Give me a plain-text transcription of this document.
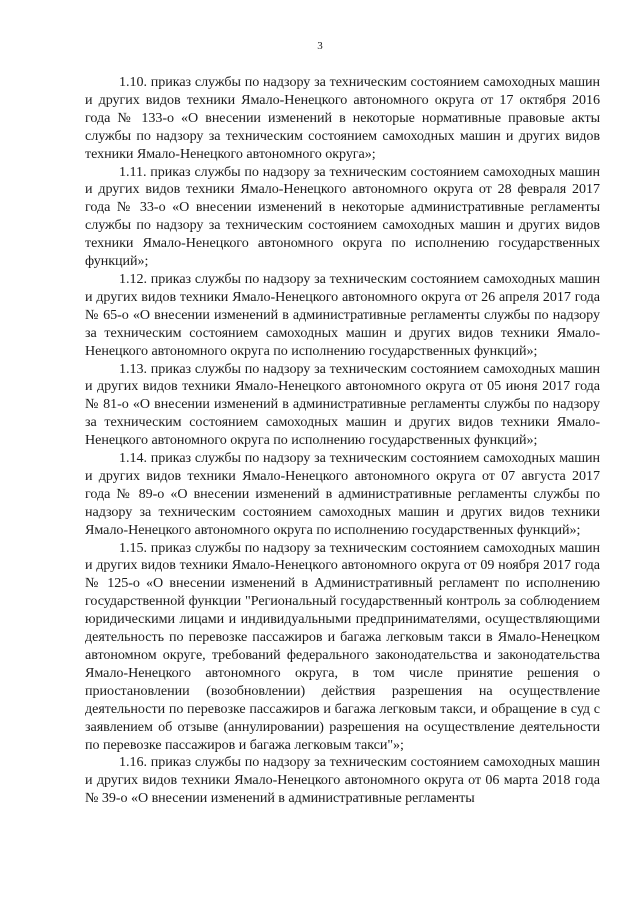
3

1.10. приказ службы по надзору за техническим состоянием самоходных машин и других видов техники Ямало-Ненецкого автономного округа от 17 октября 2016 года № 133-о «О внесении изменений в некоторые нормативные правовые акты службы по надзору за техническим состоянием самоходных машин и других видов техники Ямало-Ненецкого автономного округа»;

1.11. приказ службы по надзору за техническим состоянием самоходных машин и других видов техники Ямало-Ненецкого автономного округа от 28 февраля 2017 года № 33-о «О внесении изменений в некоторые административные регламенты службы по надзору за техническим состоянием самоходных машин и других видов техники Ямало-Ненецкого автономного округа по исполнению государственных функций»;

1.12. приказ службы по надзору за техническим состоянием самоходных машин и других видов техники Ямало-Ненецкого автономного округа от 26 апреля 2017 года № 65-о «О внесении изменений в административные регламенты службы по надзору за техническим состоянием самоходных машин и других видов техники Ямало-Ненецкого автономного округа по исполнению государственных функций»;

1.13. приказ службы по надзору за техническим состоянием самоходных машин и других видов техники Ямало-Ненецкого автономного округа от 05 июня 2017 года № 81-о «О внесении изменений в административные регламенты службы по надзору за техническим состоянием самоходных машин и других видов техники Ямало-Ненецкого автономного округа по исполнению государственных функций»;

1.14. приказ службы по надзору за техническим состоянием самоходных машин и других видов техники Ямало-Ненецкого автономного округа от 07 августа 2017 года № 89-о «О внесении изменений в административные регламенты службы по надзору за техническим состоянием самоходных машин и других видов техники Ямало-Ненецкого автономного округа по исполнению государственных функций»;

1.15. приказ службы по надзору за техническим состоянием самоходных машин и других видов техники Ямало-Ненецкого автономного округа от 09 ноября 2017 года № 125-о «О внесении изменений в Административный регламент по исполнению государственной функции "Региональный государственный контроль за соблюдением юридическими лицами и индивидуальными предпринимателями, осуществляющими деятельность по перевозке пассажиров и багажа легковым такси в Ямало-Ненецком автономном округе, требований федерального законодательства и законодательства Ямало-Ненецкого автономного округа, в том числе принятие решения о приостановлении (возобновлении) действия разрешения на осуществление деятельности по перевозке пассажиров и багажа легковым такси, и обращение в суд с заявлением об отзыве (аннулировании) разрешения на осуществление деятельности по перевозке пассажиров и багажа легковым такси"»;

1.16. приказ службы по надзору за техническим состоянием самоходных машин и других видов техники Ямало-Ненецкого автономного округа от 06 марта 2018 года № 39-о «О внесении изменений в административные регламенты
